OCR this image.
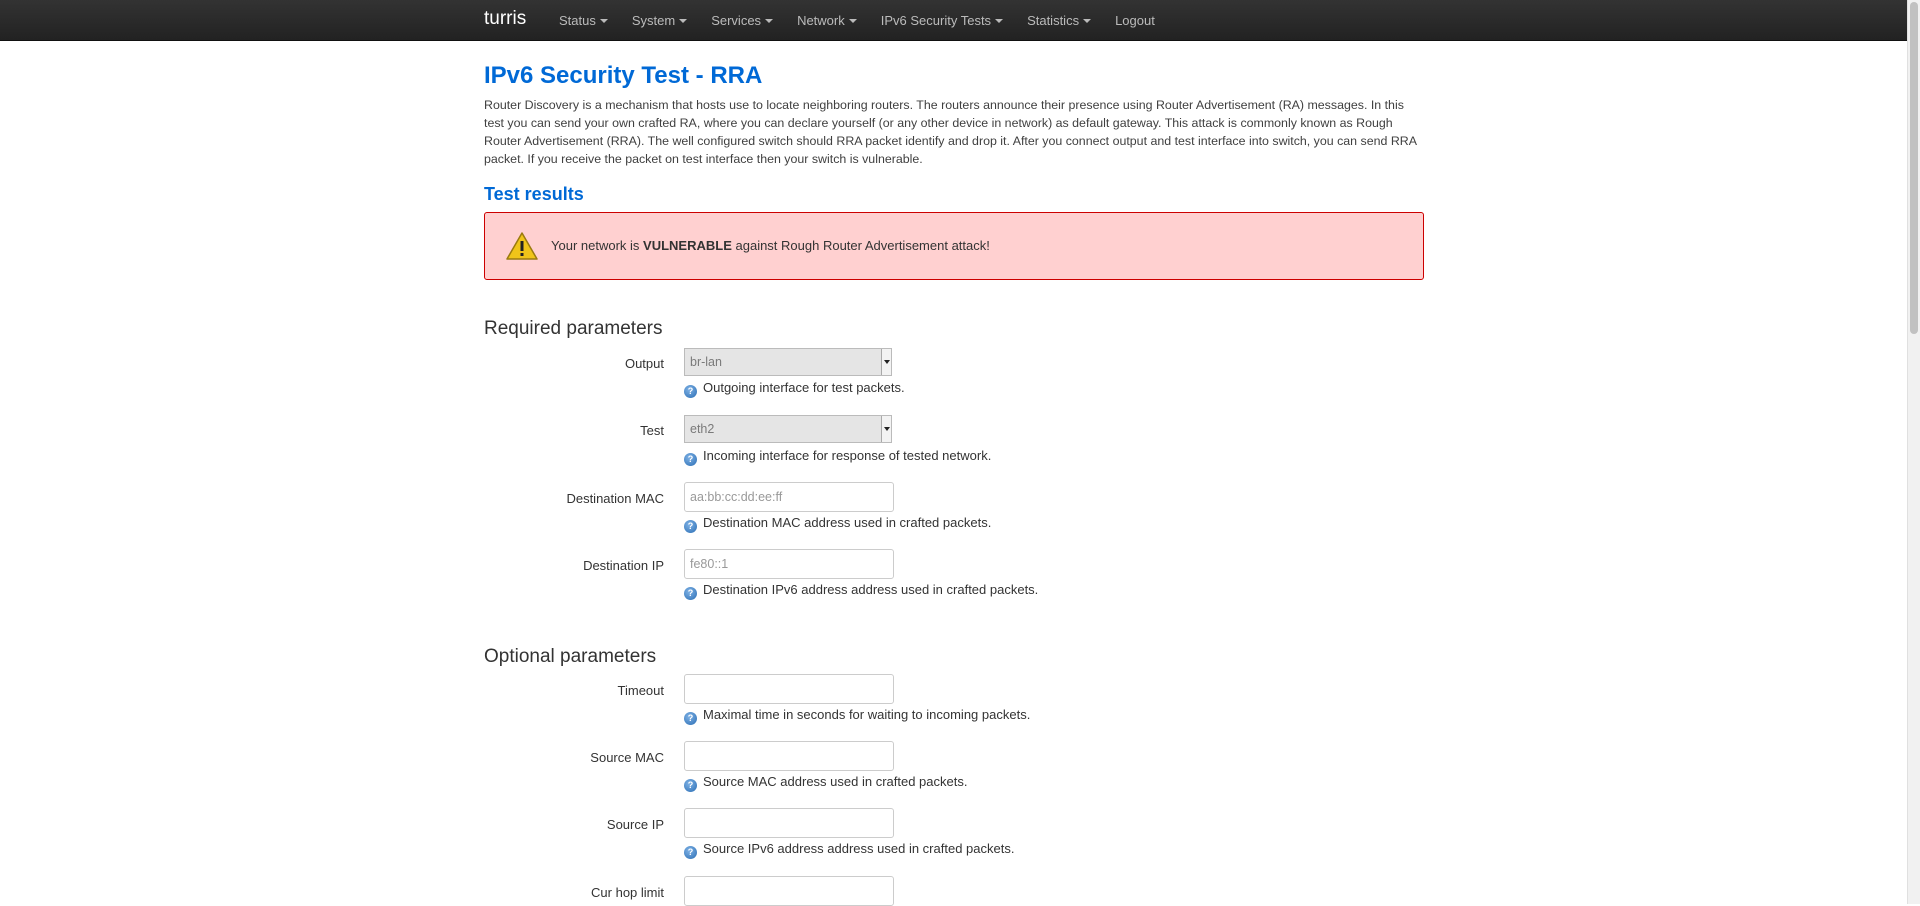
turris	Status	System	Services	Network	IPv6 Security Tests	Statistics	Logout
IPv6 Security Test - RRA

Router Discovery is a mechanism that hosts use to locate neighboring routers. The routers announce their presence using Router Advertisement (RA) messages. In this test you can send your own crafted RA, where you can declare yourself (or any other device in network) as default gateway. This attack is commonly known as Rough Router Advertisement (RRA). The well configured switch should RRA packet identify and drop it. After you connect output and test interface into switch, you can send RRA packet. If you receive the packet on test interface then your switch is vulnerable.

Test results
Your network is VULNERABLE against Rough Router Advertisement attack!
Required parameters
Output	br-lan
? Outgoing interface for test packets.
Test	eth2
? Incoming interface for response of tested network.
Destination MAC
aa:bb:cc:dd:ee:ff
? Destination MAC address used in crafted packets.
Destination IP
fe80::1
? Destination IPv6 address address used in crafted packets.
Optional parameters
Timeout
? Maximal time in seconds for waiting to incoming packets.
Source MAC
? Source MAC address used in crafted packets.
Source IP
? Source IPv6 address address used in crafted packets.
Cur hop limit
